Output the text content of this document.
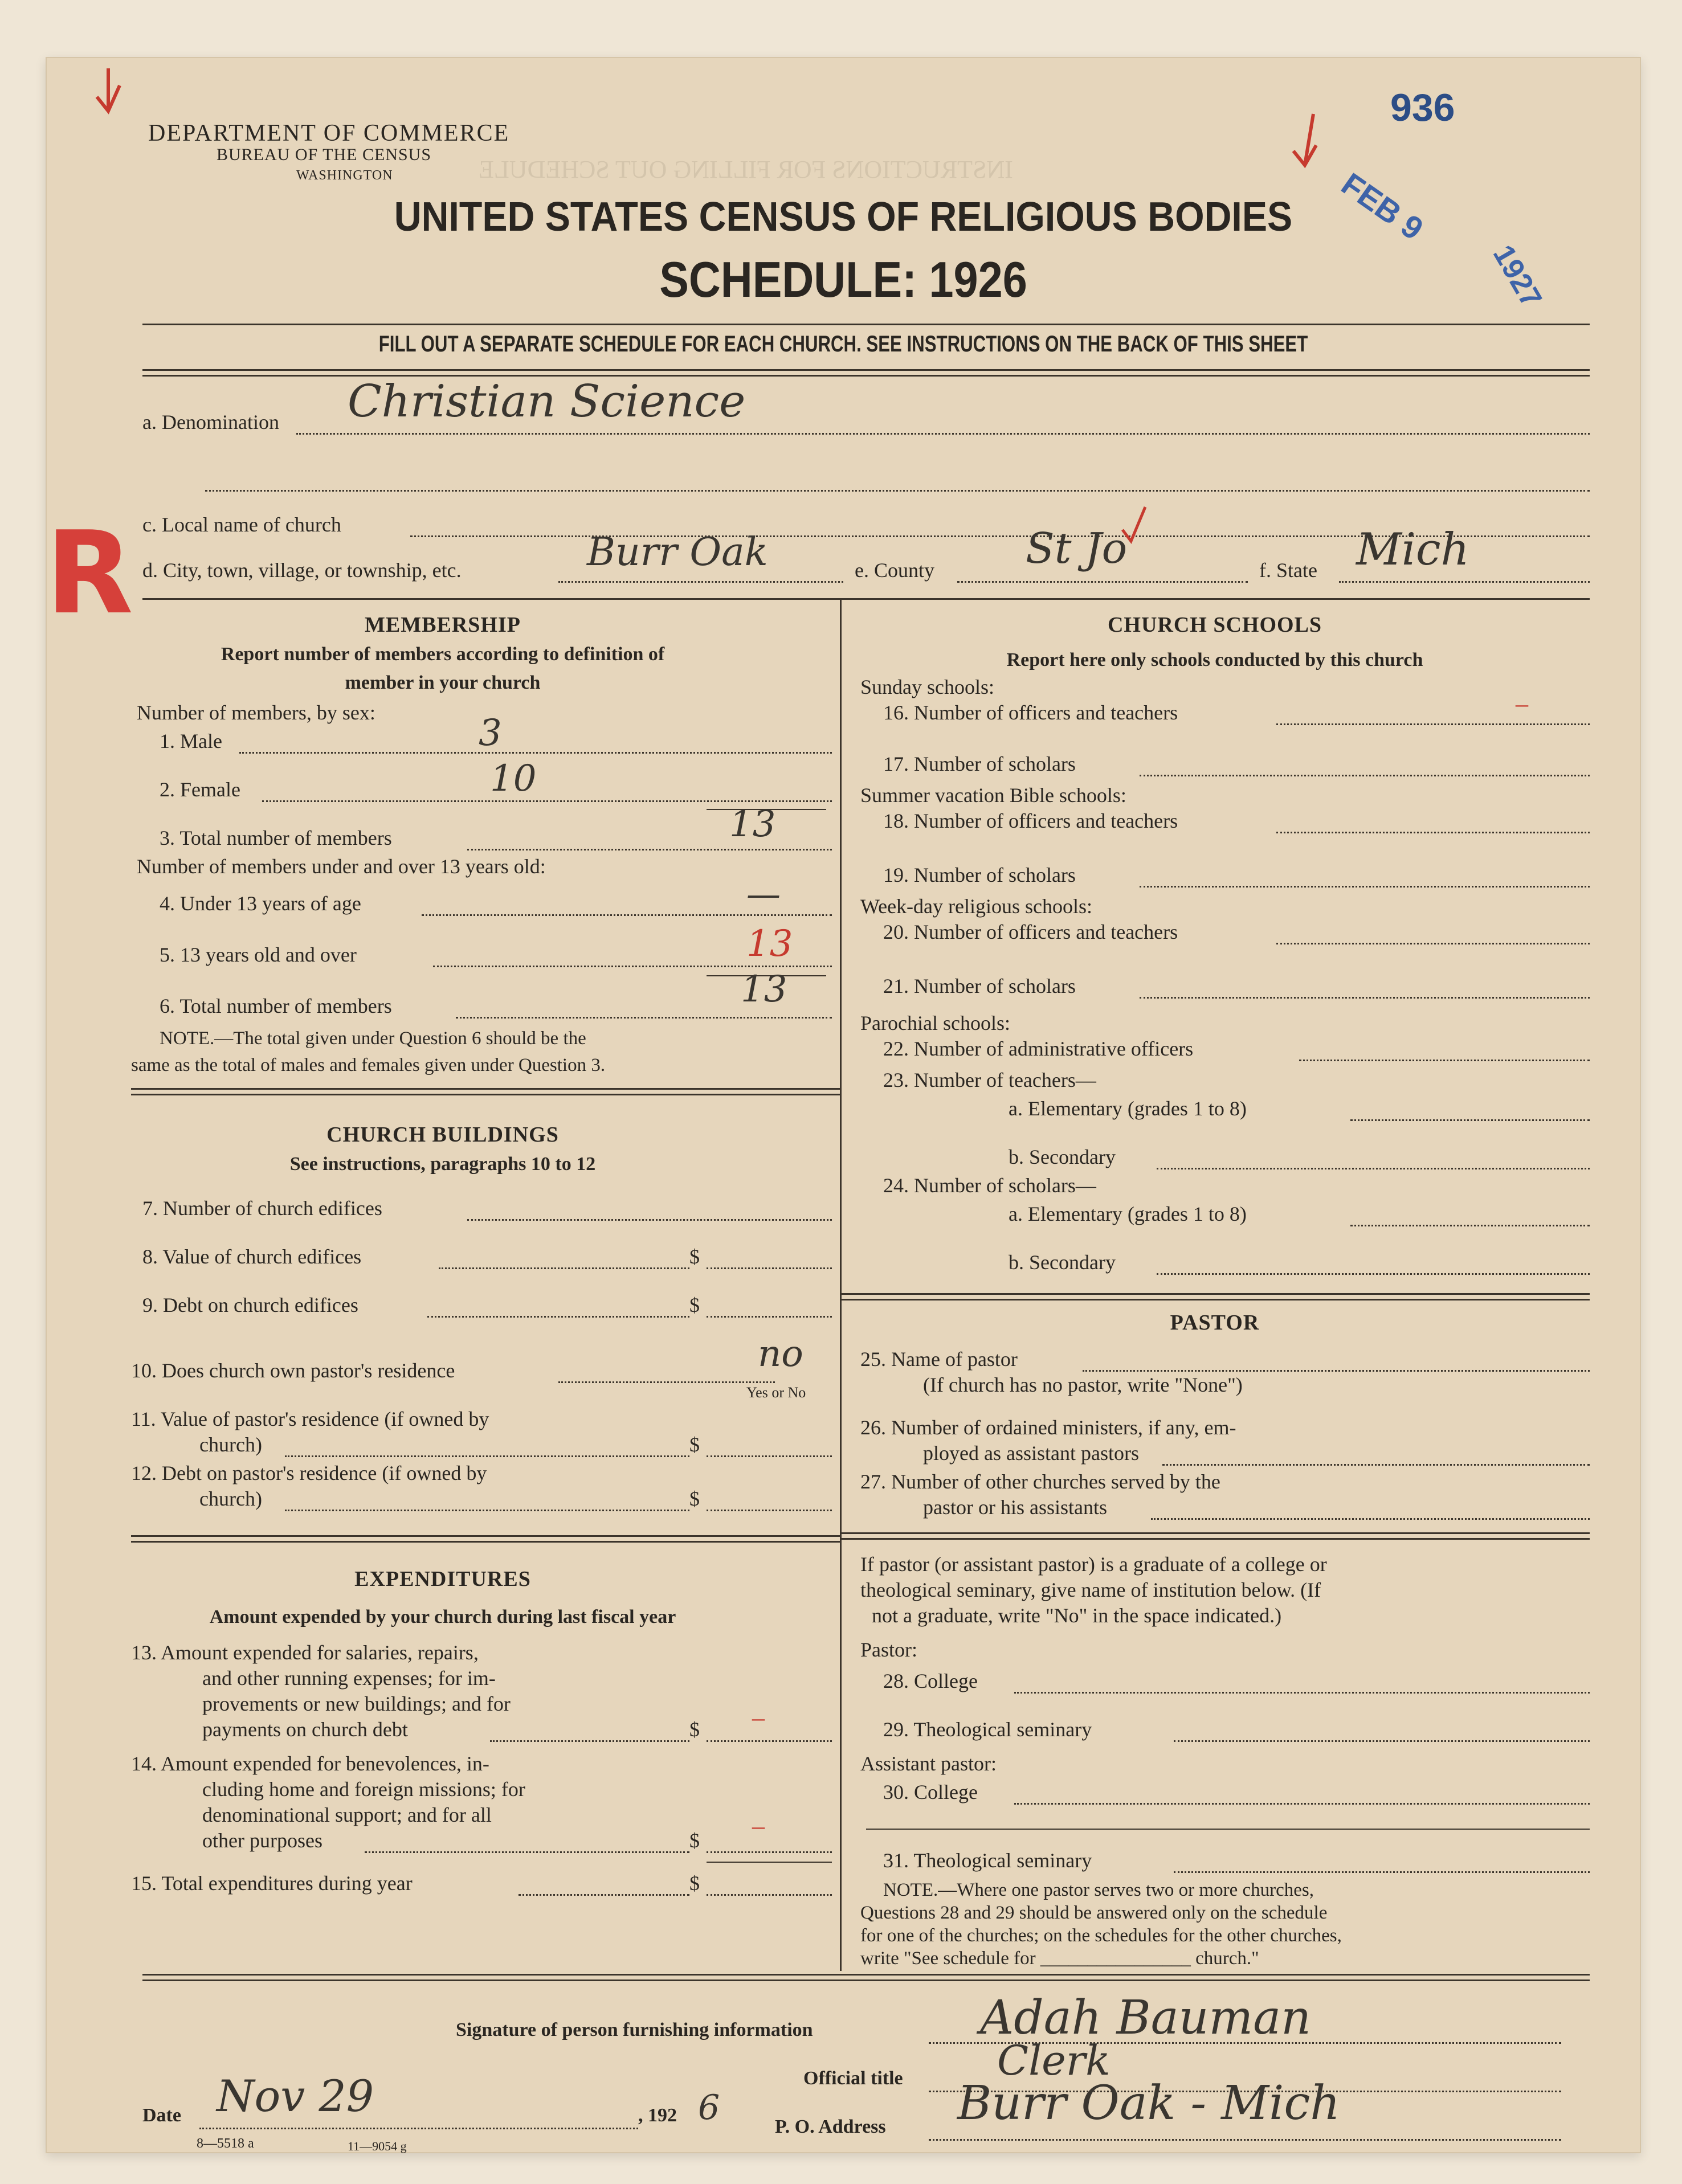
INSTRUCTIONS FOR FILLING OUT SCHEDULE
936
FEB 9
1927
R
DEPARTMENT OF COMMERCE
BUREAU OF THE CENSUS
WASHINGTON
UNITED STATES CENSUS OF RELIGIOUS BODIES
SCHEDULE: 1926
FILL OUT A SEPARATE SCHEDULE FOR EACH CHURCH. SEE INSTRUCTIONS ON THE BACK OF THIS SHEET
a. Denomination Christian Science
c. Local name of church
d. City, town, village, or township, etc.	Burr Oak	e. County St Jo	f. State Mich
MEMBERSHIP
Report number of members according to definition of
member in your church
Number of members, by sex:
1. Male	3
2. Female	10
3. Total number of members	13
Number of members under and over 13 years old:
4. Under 13 years of age	—
5. 13 years old and over	13
6. Total number of members	13
NOTE.—The total given under Question 6 should be the
same as the total of males and females given under Question 3.
CHURCH BUILDINGS
See instructions, paragraphs 10 to 12
7. Number of church edifices
8. Value of church edifices	$
9. Debt on church edifices	$
10. Does church own pastor's residence	no
Yes or No
11. Value of pastor's residence (if owned by
church)	$
12. Debt on pastor's residence (if owned by
church)	$
EXPENDITURES
Amount expended by your church during last fiscal year
13. Amount expended for salaries, repairs,
and other running expenses; for im-
provements or new buildings; and for
payments on church debt	$ –
14. Amount expended for benevolences, in-
cluding home and foreign missions; for
denominational support; and for all
other purposes	$
–
15. Total expenditures during year	$
CHURCH SCHOOLS
Report here only schools conducted by this church
Sunday schools:
16. Number of officers and teachers	–
17. Number of scholars
Summer vacation Bible schools:
18. Number of officers and teachers
19. Number of scholars
Week-day religious schools:
20. Number of officers and teachers
21. Number of scholars
Parochial schools:
22. Number of administrative officers
23. Number of teachers—
a. Elementary (grades 1 to 8)
b. Secondary
24. Number of scholars—
a. Elementary (grades 1 to 8)
b. Secondary
PASTOR
25. Name of pastor
(If church has no pastor, write "None")
26. Number of ordained ministers, if any, em-
ployed as assistant pastors
27. Number of other churches served by the
pastor or his assistants
If pastor (or assistant pastor) is a graduate of a college or
theological seminary, give name of institution below. (If
not a graduate, write "No" in the space indicated.)
Pastor:
28. College
29. Theological seminary
Assistant pastor:
30. College
31. Theological seminary
NOTE.—Where one pastor serves two or more churches,
Questions 28 and 29 should be answered only on the schedule
for one of the churches; on the schedules for the other churches,
write "See schedule for ________________ church."
Signature of person furnishing information	Adah Bauman
Official title Clerk
Date Nov 29	, 192 6	P. O. Address Burr Oak - Mich
8—5518 a	11—9054 g
